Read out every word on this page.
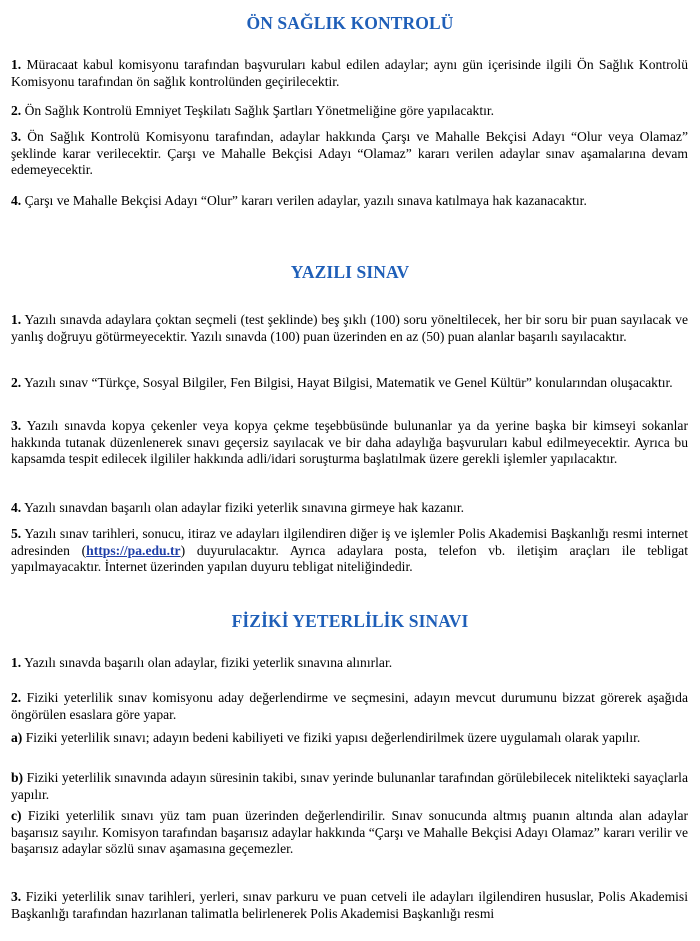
ÖN SAĞLIK KONTROLÜ

1. Müracaat kabul komisyonu tarafından başvuruları kabul edilen adaylar; aynı gün içerisinde ilgili Ön Sağlık Kontrolü Komisyonu tarafından ön sağlık kontrolünden geçirilecektir.

2. Ön Sağlık Kontrolü Emniyet Teşkilatı Sağlık Şartları Yönetmeliğine göre yapılacaktır.

3. Ön Sağlık Kontrolü Komisyonu tarafından, adaylar hakkında Çarşı ve Mahalle Bekçisi Adayı “Olur veya Olamaz” şeklinde karar verilecektir. Çarşı ve Mahalle Bekçisi Adayı “Olamaz” kararı verilen adaylar sınav aşamalarına devam edemeyecektir.

4. Çarşı ve Mahalle Bekçisi Adayı “Olur” kararı verilen adaylar, yazılı sınava katılmaya hak kazanacaktır.

YAZILI SINAV

1. Yazılı sınavda adaylara çoktan seçmeli (test şeklinde) beş şıklı (100) soru yöneltilecek, her bir soru bir puan sayılacak ve yanlış doğruyu götürmeyecektir. Yazılı sınavda (100) puan üzerinden en az (50) puan alanlar başarılı sayılacaktır.

2. Yazılı sınav “Türkçe, Sosyal Bilgiler, Fen Bilgisi, Hayat Bilgisi, Matematik ve Genel Kültür” konularından oluşacaktır.

3. Yazılı sınavda kopya çekenler veya kopya çekme teşebbüsünde bulunanlar ya da yerine başka bir kimseyi sokanlar hakkında tutanak düzenlenerek sınavı geçersiz sayılacak ve bir daha adaylığa başvuruları kabul edilmeyecektir. Ayrıca bu kapsamda tespit edilecek ilgililer hakkında adli/idari soruşturma başlatılmak üzere gerekli işlemler yapılacaktır.

4. Yazılı sınavdan başarılı olan adaylar fiziki yeterlik sınavına girmeye hak kazanır.

5. Yazılı sınav tarihleri, sonucu, itiraz ve adayları ilgilendiren diğer iş ve işlemler Polis Akademisi Başkanlığı resmi internet adresinden (https://pa.edu.tr) duyurulacaktır. Ayrıca adaylara posta, telefon vb. iletişim araçları ile tebligat yapılmayacaktır. İnternet üzerinden yapılan duyuru tebligat niteliğindedir.

FİZİKİ YETERLİLİK SINAVI

1. Yazılı sınavda başarılı olan adaylar, fiziki yeterlik sınavına alınırlar.

2. Fiziki yeterlilik sınav komisyonu aday değerlendirme ve seçmesini, adayın mevcut durumunu bizzat görerek aşağıda öngörülen esaslara göre yapar.

a) Fiziki yeterlilik sınavı; adayın bedeni kabiliyeti ve fiziki yapısı değerlendirilmek üzere uygulamalı olarak yapılır.

b) Fiziki yeterlilik sınavında adayın süresinin takibi, sınav yerinde bulunanlar tarafından görülebilecek nitelikteki sayaçlarla yapılır.

c) Fiziki yeterlilik sınavı yüz tam puan üzerinden değerlendirilir. Sınav sonucunda altmış puanın altında alan adaylar başarısız sayılır. Komisyon tarafından başarısız adaylar hakkında “Çarşı ve Mahalle Bekçisi Adayı Olamaz” kararı verilir ve başarısız adaylar sözlü sınav aşamasına geçemezler.

3. Fiziki yeterlilik sınav tarihleri, yerleri, sınav parkuru ve puan cetveli ile adayları ilgilendiren hususlar, Polis Akademisi Başkanlığı tarafından hazırlanan talimatla belirlenerek Polis Akademisi Başkanlığı resmi
